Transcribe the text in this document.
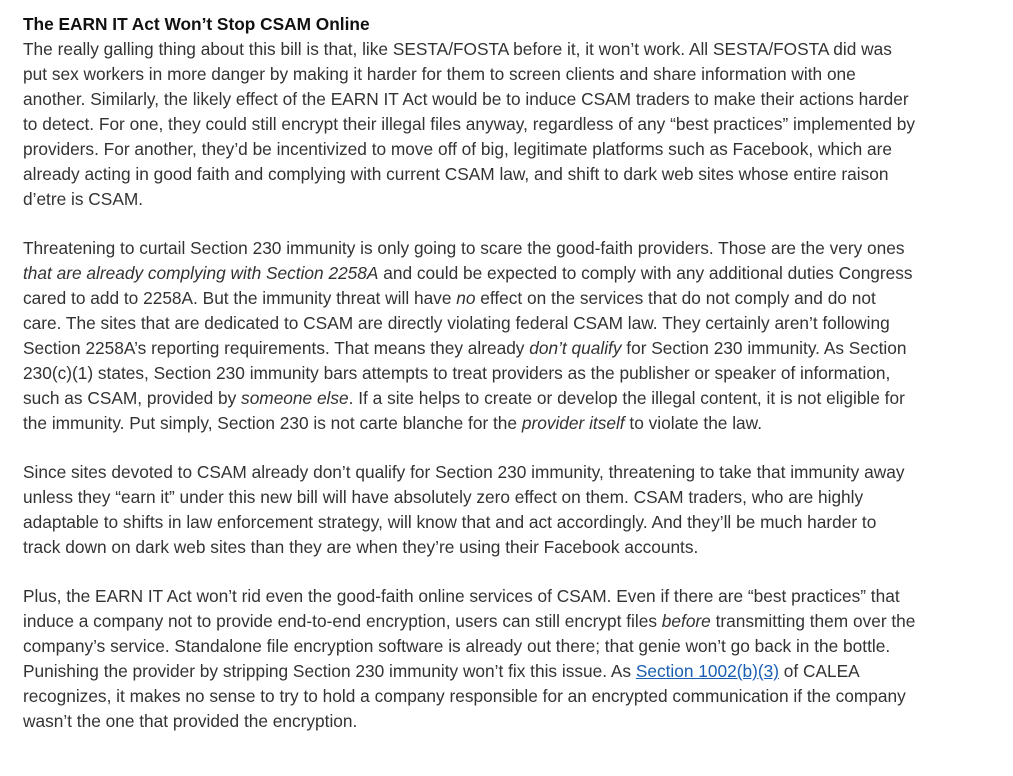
The EARN IT Act Won’t Stop CSAM Online

The really galling thing about this bill is that, like SESTA/FOSTA before it, it won’t work. All SESTA/FOSTA did was put sex workers in more danger by making it harder for them to screen clients and share information with one another. Similarly, the likely effect of the EARN IT Act would be to induce CSAM traders to make their actions harder to detect. For one, they could still encrypt their illegal files anyway, regardless of any “best practices” implemented by providers. For another, they’d be incentivized to move off of big, legitimate platforms such as Facebook, which are already acting in good faith and complying with current CSAM law, and shift to dark web sites whose entire raison d’etre is CSAM.

Threatening to curtail Section 230 immunity is only going to scare the good-faith providers. Those are the very ones that are already complying with Section 2258A and could be expected to comply with any additional duties Congress cared to add to 2258A. But the immunity threat will have no effect on the services that do not comply and do not care. The sites that are dedicated to CSAM are directly violating federal CSAM law. They certainly aren’t following Section 2258A’s reporting requirements. That means they already don’t qualify for Section 230 immunity. As Section 230(c)(1) states, Section 230 immunity bars attempts to treat providers as the publisher or speaker of information, such as CSAM, provided by someone else. If a site helps to create or develop the illegal content, it is not eligible for the immunity. Put simply, Section 230 is not carte blanche for the provider itself to violate the law.

Since sites devoted to CSAM already don’t qualify for Section 230 immunity, threatening to take that immunity away unless they “earn it” under this new bill will have absolutely zero effect on them. CSAM traders, who are highly adaptable to shifts in law enforcement strategy, will know that and act accordingly. And they’ll be much harder to track down on dark web sites than they are when they’re using their Facebook accounts.

Plus, the EARN IT Act won’t rid even the good-faith online services of CSAM. Even if there are “best practices” that induce a company not to provide end-to-end encryption, users can still encrypt files before transmitting them over the company’s service. Standalone file encryption software is already out there; that genie won’t go back in the bottle. Punishing the provider by stripping Section 230 immunity won’t fix this issue. As Section 1002(b)(3) of CALEA recognizes, it makes no sense to try to hold a company responsible for an encrypted communication if the company wasn’t the one that provided the encryption.
